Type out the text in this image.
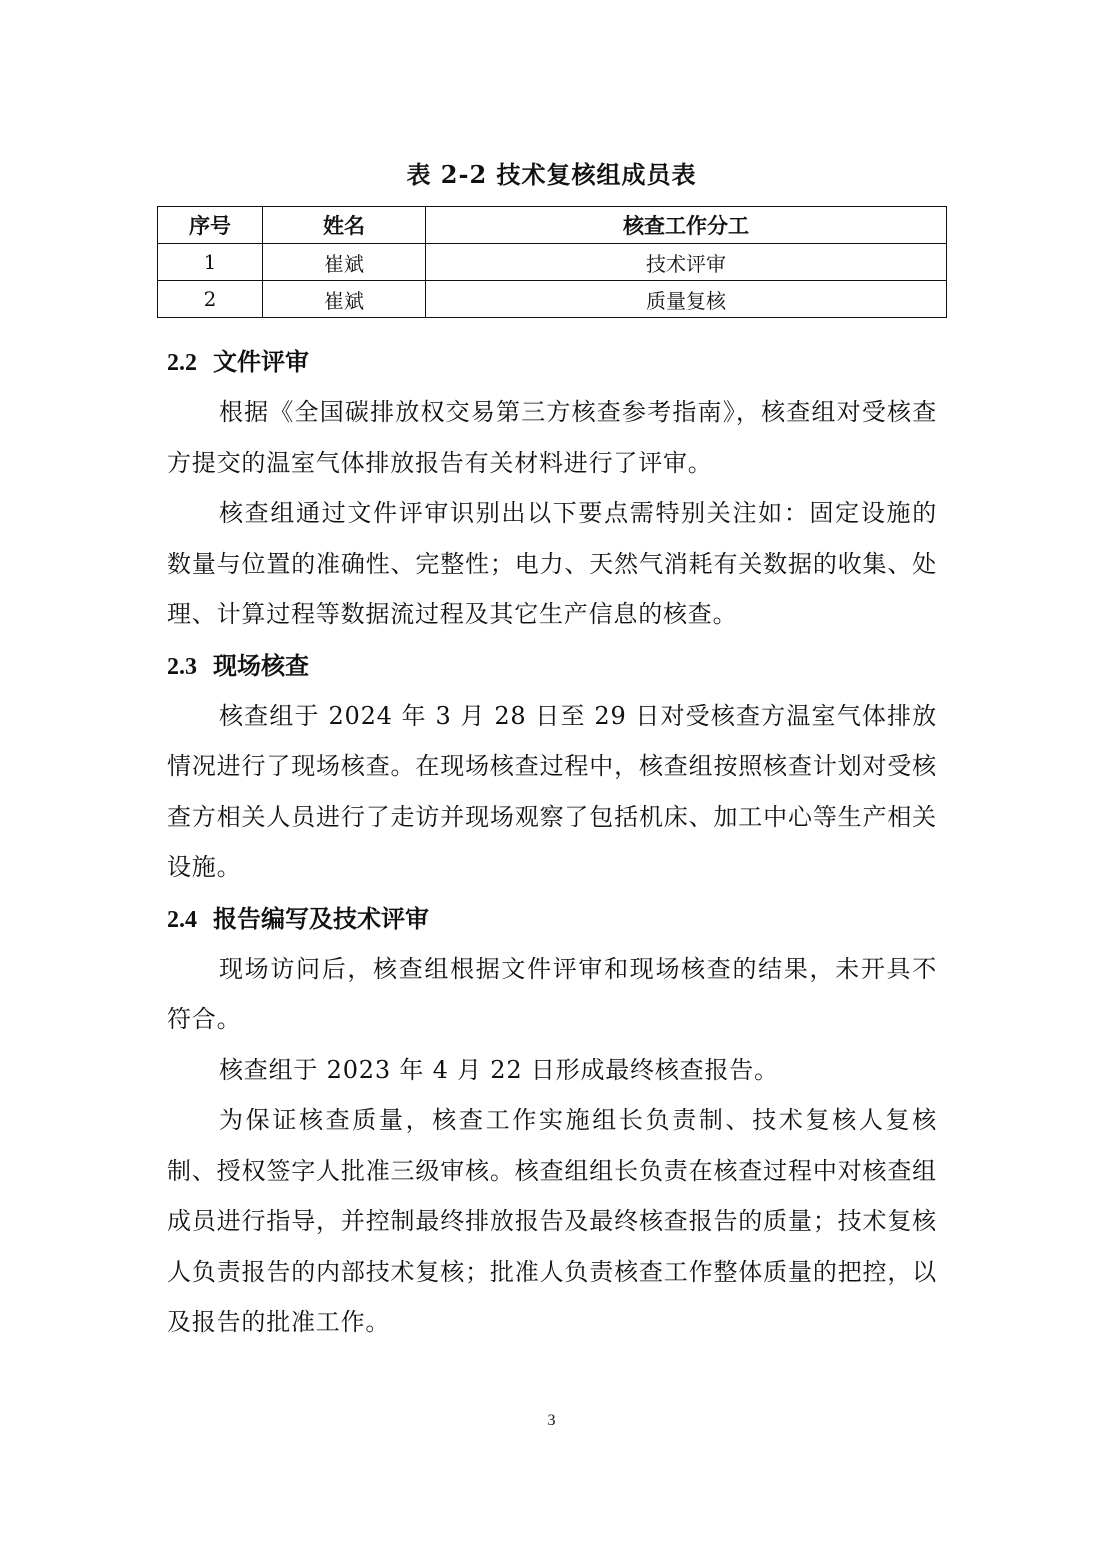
表 2-2 技术复核组成员表
序号	姓名	核查工作分工
1	崔斌	技术评审
2	崔斌	质量复核
2.2 文件评审

根据《全国碳排放权交易第三方核查参考指南》，核查组对受核查方提交的温室气体排放报告有关材料进行了评审。

核查组通过文件评审识别出以下要点需特别关注如：固定设施的数量与位置的准确性、完整性；电力、天然气消耗有关数据的收集、处理、计算过程等数据流过程及其它生产信息的核查。

2.3 现场核查

核查组于 2024 年 3 月 28 日至 29 日对受核查方温室气体排放情况进行了现场核查。在现场核查过程中，核查组按照核查计划对受核查方相关人员进行了走访并现场观察了包括机床、加工中心等生产相关设施。

2.4 报告编写及技术评审

现场访问后，核查组根据文件评审和现场核查的结果，未开具不符合。

核查组于 2023 年 4 月 22 日形成最终核查报告。

为保证核查质量，核查工作实施组长负责制、技术复核人复核制、授权签字人批准三级审核。核查组组长负责在核查过程中对核查组成员进行指导，并控制最终排放报告及最终核查报告的质量；技术复核人负责报告的内部技术复核；批准人负责核查工作整体质量的把控，以及报告的批准工作。

3
